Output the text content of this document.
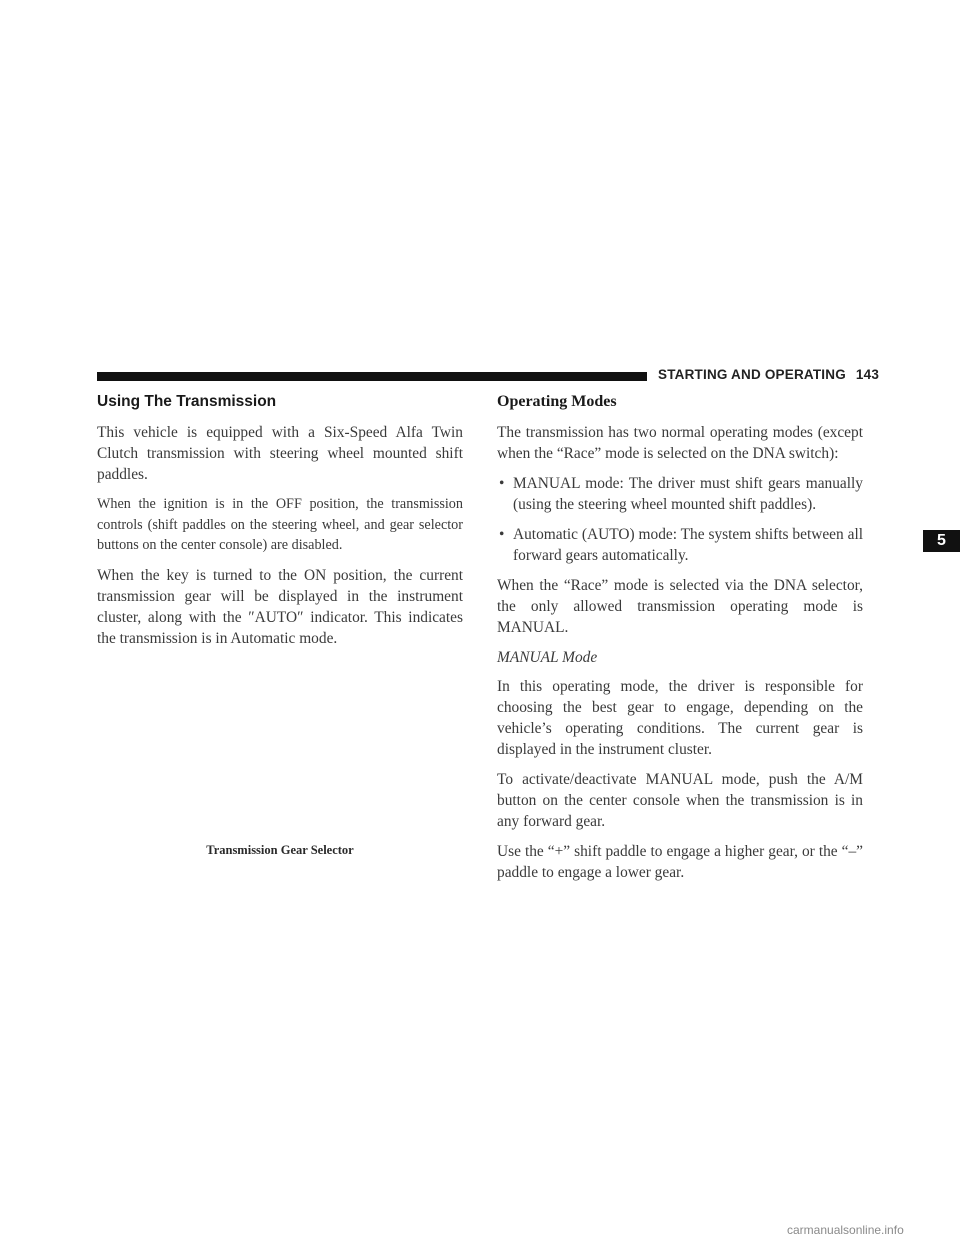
STARTING AND OPERATING 143
5
Using The Transmission

This vehicle is equipped with a Six-Speed Alfa Twin Clutch transmission with steering wheel mounted shift paddles.

When the ignition is in the OFF position, the transmission controls (shift paddles on the steering wheel, and gear selector buttons on the center console) are disabled.

When the key is turned to the ON position, the current transmission gear will be displayed in the instrument cluster, along with the ″AUTO″ indicator. This indicates the transmission is in Automatic mode.

Transmission Gear Selector
Operating Modes

The transmission has two normal operating modes (except when the “Race” mode is selected on the DNA switch):

• MANUAL mode: The driver must shift gears manually (using the steering wheel mounted shift paddles).
• Automatic (AUTO) mode: The system shifts between all forward gears automatically.

When the “Race” mode is selected via the DNA selector, the only allowed transmission operating mode is MANUAL.

MANUAL Mode

In this operating mode, the driver is responsible for choosing the best gear to engage, depending on the vehicle’s operating conditions. The current gear is displayed in the instrument cluster.

To activate/deactivate MANUAL mode, push the A/M button on the center console when the transmission is in any forward gear.

Use the “+” shift paddle to engage a higher gear, or the “–” paddle to engage a lower gear.

carmanualsonline.info
